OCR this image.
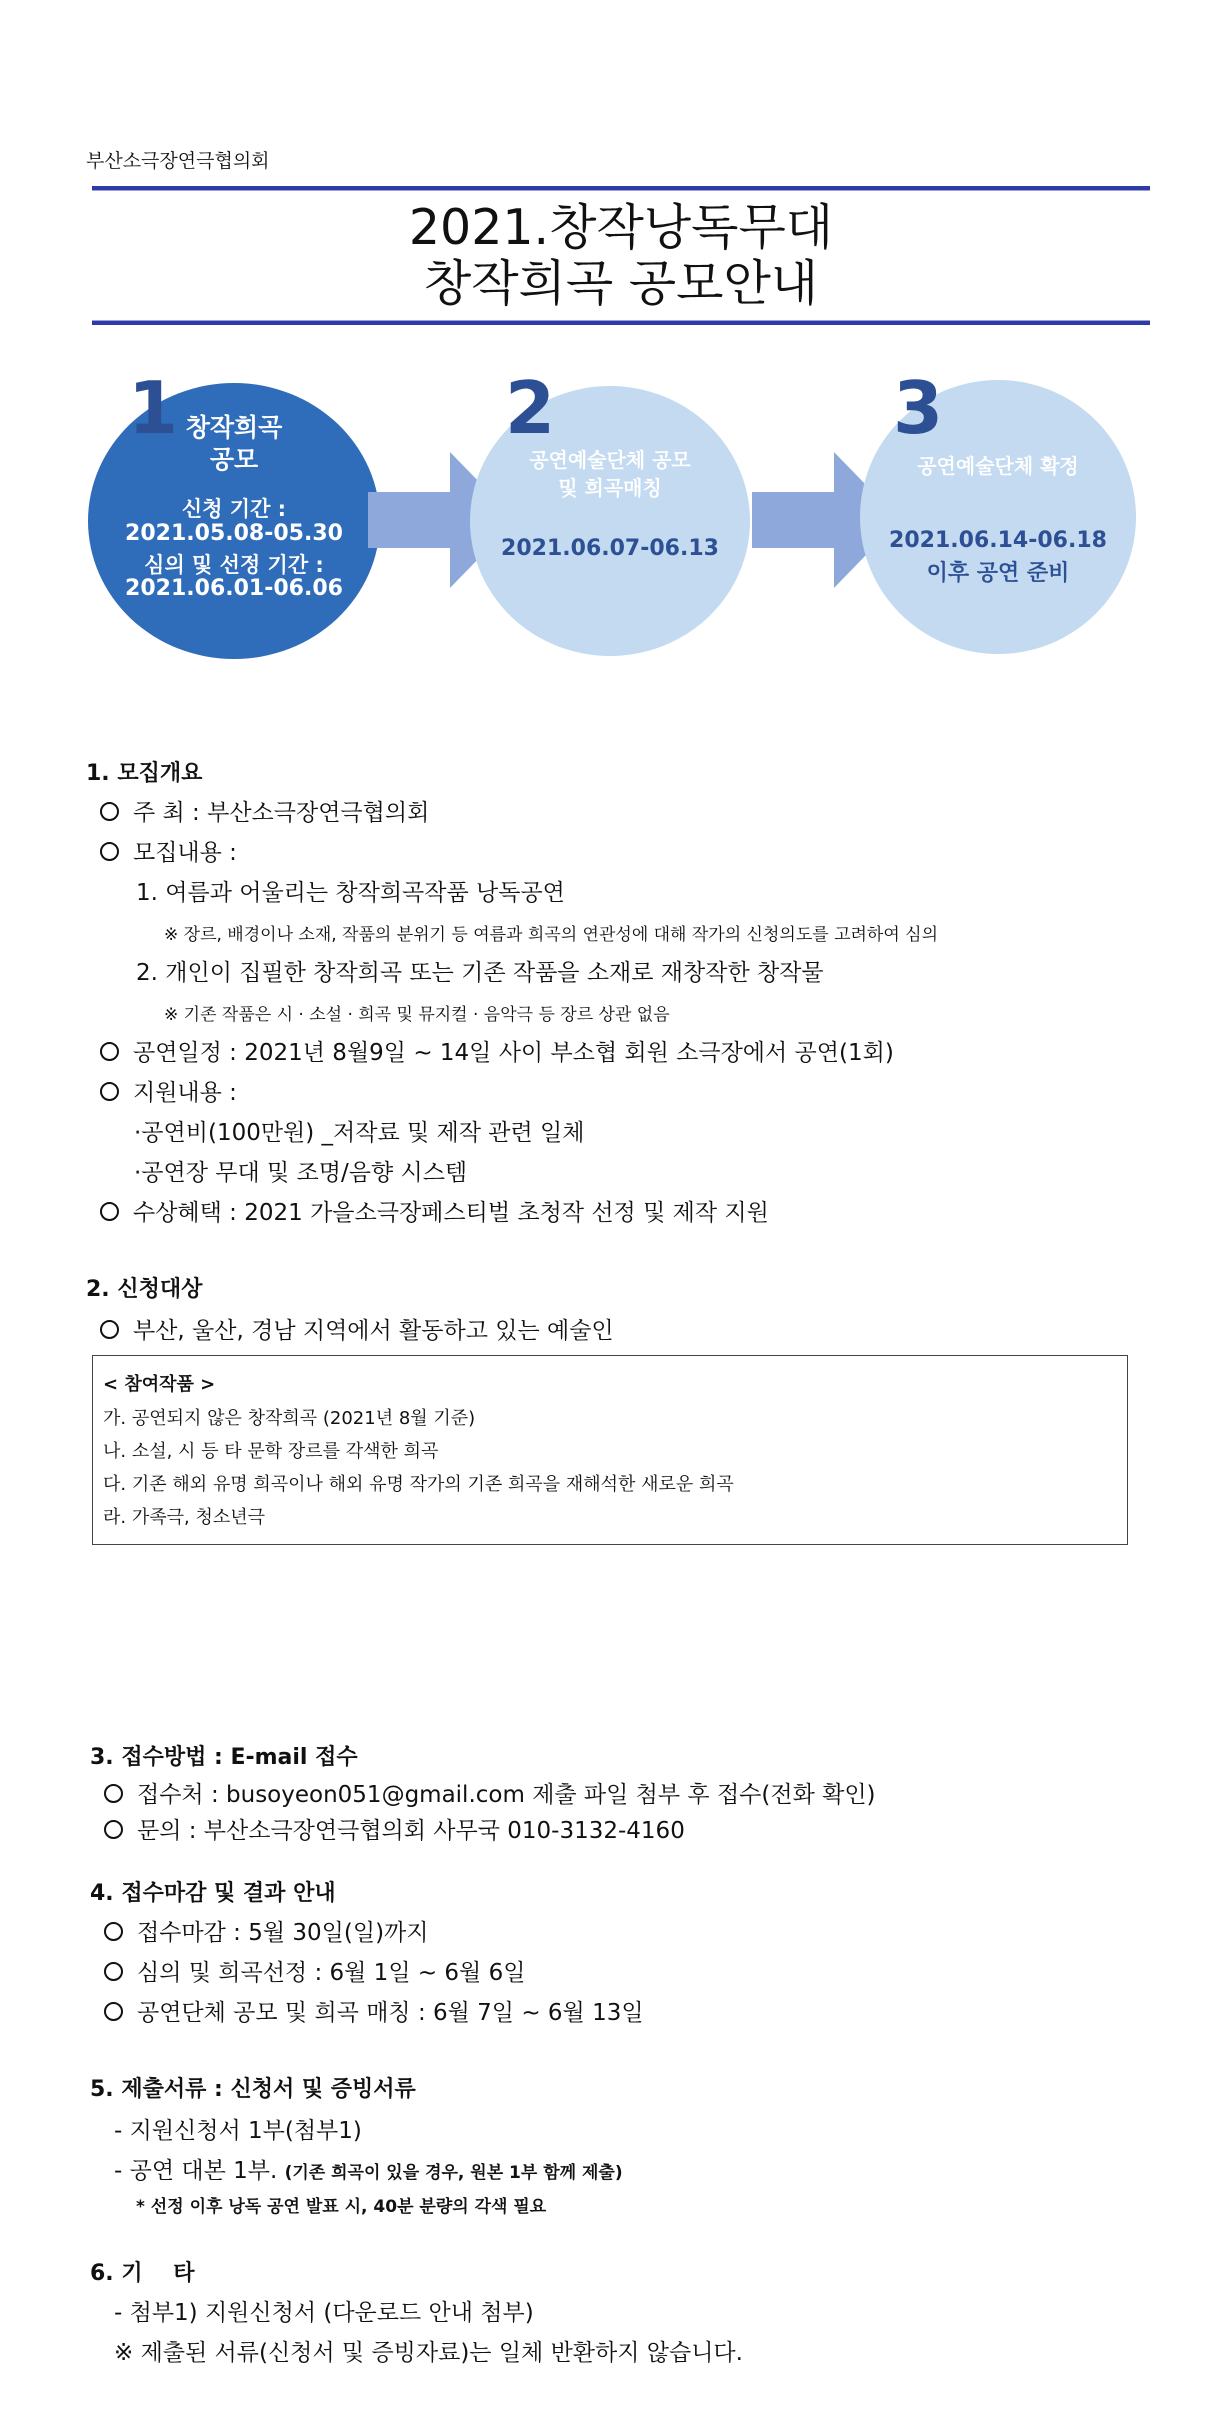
부산소극장연극협의회
2021.창작낭독무대
창작희곡 공모안내
창작희곡
공모
신청 기간 :
2021.05.08-05.30
심의 및 선정 기간 :
2021.06.01-06.06
1
공연예술단체 공모
및 희곡매칭
2021.06.07-06.13
2
공연예술단체 확정
2021.06.14-06.18
이후 공연 준비
3
1. 모집개요
주 최 : 부산소극장연극협의회
모집내용 :
1. 여름과 어울리는 창작희곡작품 낭독공연
※ 장르, 배경이나 소재, 작품의 분위기 등 여름과 희곡의 연관성에 대해 작가의 신청의도를 고려하여 심의
2. 개인이 집필한 창작희곡 또는 기존 작품을 소재로 재창작한 창작물
※ 기존 작품은 시 · 소설 · 희곡 및 뮤지컬 · 음악극 등 장르 상관 없음
공연일정 : 2021년 8월9일 ~ 14일 사이 부소협 회원 소극장에서 공연(1회)
지원내용 :
·공연비(100만원) _저작료 및 제작 관련 일체
·공연장 무대 및 조명/음향 시스템
수상혜택 : 2021 가을소극장페스티벌 초청작 선정 및 제작 지원
2. 신청대상
부산, 울산, 경남 지역에서 활동하고 있는 예술인
< 참여작품 >
가. 공연되지 않은 창작희곡 (2021년 8월 기준)
나. 소설, 시 등 타 문학 장르를 각색한 희곡
다. 기존 해외 유명 희곡이나 해외 유명 작가의 기존 희곡을 재해석한 새로운 희곡
라. 가족극, 청소년극
3. 접수방법 : E-mail 접수
접수처 : busoyeon051@gmail.com 제출 파일 첨부 후 접수(전화 확인)
문의 : 부산소극장연극협의회 사무국 010-3132-4160
4. 접수마감 및 결과 안내
접수마감 : 5월 30일(일)까지
심의 및 희곡선정 : 6월 1일 ~ 6월 6일
공연단체 공모 및 희곡 매칭 : 6월 7일 ~ 6월 13일
5. 제출서류 : 신청서 및 증빙서류
- 지원신청서 1부(첨부1)
- 공연 대본 1부. (기존 희곡이 있을 경우, 원본 1부 함께 제출)
* 선정 이후 낭독 공연 발표 시, 40분 분량의 각색 필요
6. 기    타
- 첨부1) 지원신청서 (다운로드 안내 첨부)
※ 제출된 서류(신청서 및 증빙자료)는 일체 반환하지 않습니다.
